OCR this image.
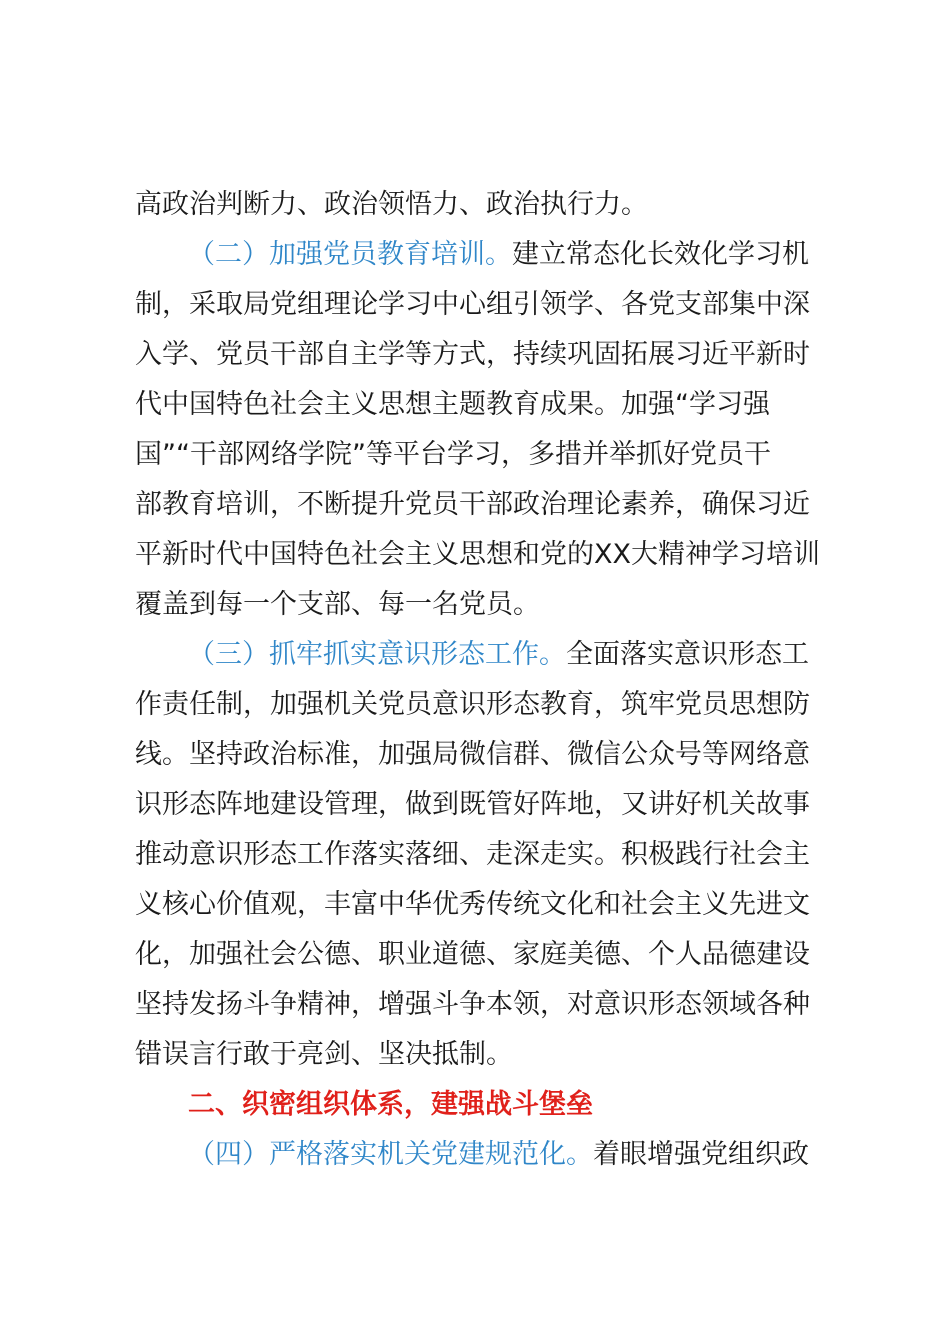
高政治判断力、政治领悟力、政治执行力。
（二）加强党员教育培训。建立常态化长效化学习机
制，采取局党组理论学习中心组引领学、各党支部集中深
入学、党员干部自主学等方式，持续巩固拓展习近平新时
代中国特色社会主义思想主题教育成果。加强“学习强
国”“干部网络学院”等平台学习，多措并举抓好党员干
部教育培训，不断提升党员干部政治理论素养，确保习近
平新时代中国特色社会主义思想和党的XX大精神学习培训
覆盖到每一个支部、每一名党员。
（三）抓牢抓实意识形态工作。全面落实意识形态工
作责任制，加强机关党员意识形态教育，筑牢党员思想防
线。坚持政治标准，加强局微信群、微信公众号等网络意
识形态阵地建设管理，做到既管好阵地，又讲好机关故事
推动意识形态工作落实落细、走深走实。积极践行社会主
义核心价值观，丰富中华优秀传统文化和社会主义先进文
化，加强社会公德、职业道德、家庭美德、个人品德建设
坚持发扬斗争精神，增强斗争本领，对意识形态领域各种
错误言行敢于亮剑、坚决抵制。
二、织密组织体系，建强战斗堡垒
（四）严格落实机关党建规范化。着眼增强党组织政
